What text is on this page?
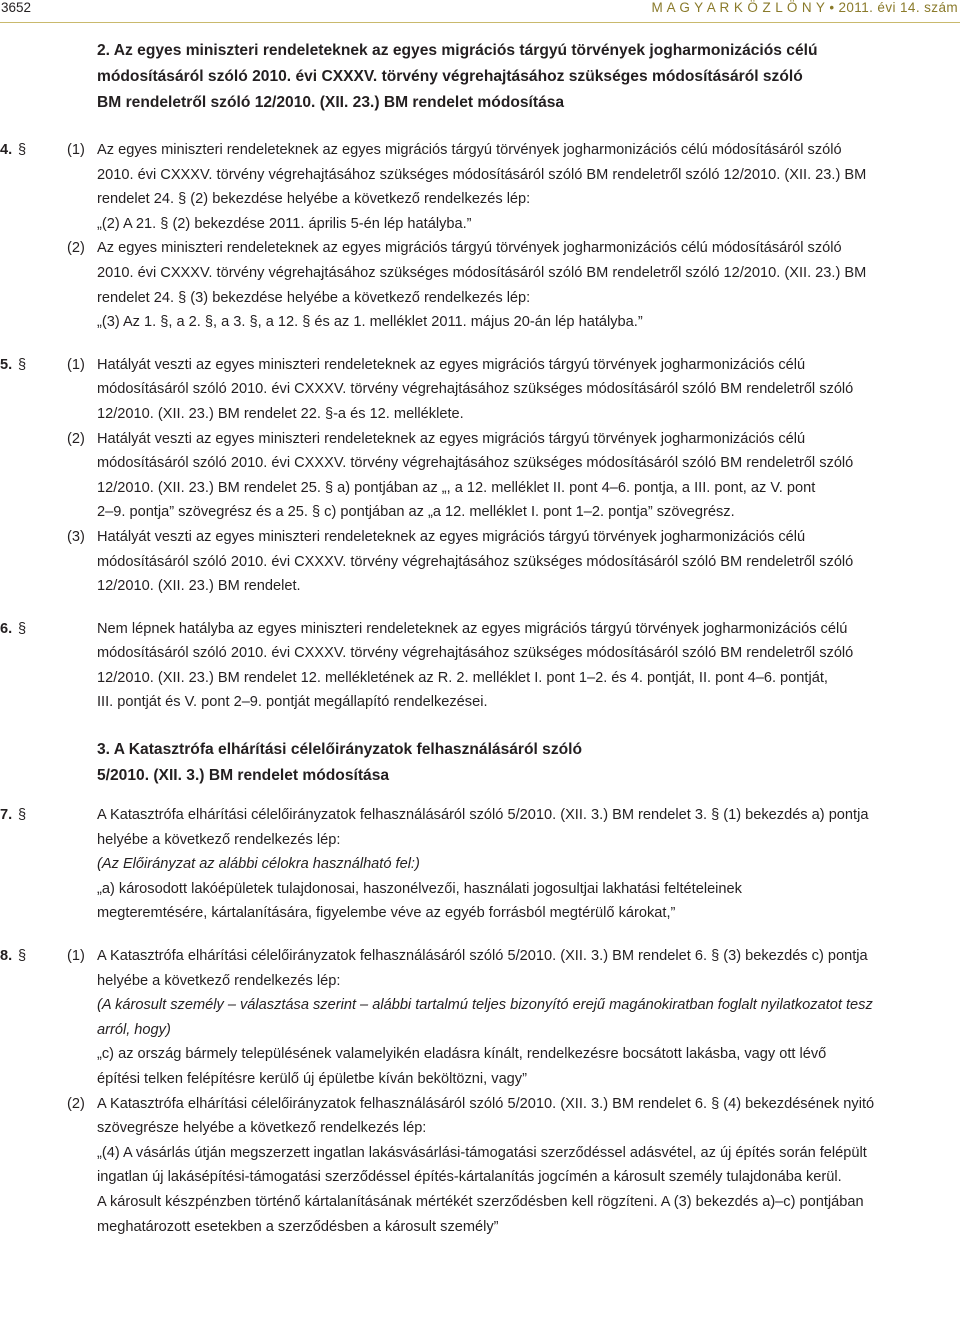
3652	M A G Y A R K Ö Z L Ö N Y • 2011. évi 14. szám
2. Az egyes miniszteri rendeleteknek az egyes migrációs tárgyú törvények jogharmonizációs célú
módosításáról szóló 2010. évi CXXXV. törvény végrehajtásához szükséges módosításáról szóló
BM rendeletről szóló 12/2010. (XII. 23.) BM rendelet módosítása
4. §	(1) Az egyes miniszteri rendeleteknek az egyes migrációs tárgyú törvények jogharmonizációs célú módosításáról szóló

2010. évi CXXXV. törvény végrehajtásához szükséges módosításáról szóló BM rendeletről szóló 12/2010. (XII. 23.) BM

rendelet 24. § (2) bekezdése helyébe a következő rendelkezés lép:

„(2) A 21. § (2) bekezdése 2011. április 5-én lép hatályba.”

(2) Az egyes miniszteri rendeleteknek az egyes migrációs tárgyú törvények jogharmonizációs célú módosításáról szóló

2010. évi CXXXV. törvény végrehajtásához szükséges módosításáról szóló BM rendeletről szóló 12/2010. (XII. 23.) BM

rendelet 24. § (3) bekezdése helyébe a következő rendelkezés lép:

„(3) Az 1. §, a 2. §, a 3. §, a 12. § és az 1. melléklet 2011. május 20-án lép hatályba.”

5. §	(1) Hatályát veszti az egyes miniszteri rendeleteknek az egyes migrációs tárgyú törvények jogharmonizációs célú

módosításáról szóló 2010. évi CXXXV. törvény végrehajtásához szükséges módosításáról szóló BM rendeletről szóló

12/2010. (XII. 23.) BM rendelet 22. §-a és 12. melléklete.

(2) Hatályát veszti az egyes miniszteri rendeleteknek az egyes migrációs tárgyú törvények jogharmonizációs célú

módosításáról szóló 2010. évi CXXXV. törvény végrehajtásához szükséges módosításáról szóló BM rendeletről szóló

12/2010. (XII. 23.) BM rendelet 25. § a) pontjában az „, a 12. melléklet II. pont 4–6. pontja, a III. pont, az V. pont

2–9. pontja” szövegrész és a 25. § c) pontjában az „a 12. melléklet I. pont 1–2. pontja” szövegrész.

(3) Hatályát veszti az egyes miniszteri rendeleteknek az egyes migrációs tárgyú törvények jogharmonizációs célú

módosításáról szóló 2010. évi CXXXV. törvény végrehajtásához szükséges módosításáról szóló BM rendeletről szóló

12/2010. (XII. 23.) BM rendelet.

6. §	Nem lépnek hatályba az egyes miniszteri rendeleteknek az egyes migrációs tárgyú törvények jogharmonizációs célú

módosításáról szóló 2010. évi CXXXV. törvény végrehajtásához szükséges módosításáról szóló BM rendeletről szóló

12/2010. (XII. 23.) BM rendelet 12. mellékletének az R. 2. melléklet I. pont 1–2. és 4. pontját, II. pont 4–6. pontját,

III. pontját és V. pont 2–9. pontját megállapító rendelkezései.

3. A Katasztrófa elhárítási célelőirányzatok felhasználásáról szóló
5/2010. (XII. 3.) BM rendelet módosítása
7. §	A Katasztrófa elhárítási célelőirányzatok felhasználásáról szóló 5/2010. (XII. 3.) BM rendelet 3. § (1) bekezdés a) pontja

helyébe a következő rendelkezés lép:

(Az Előirányzat az alábbi célokra használható fel:)

„a) károsodott lakóépületek tulajdonosai, haszonélvezői, használati jogosultjai lakhatási feltételeinek

megteremtésére, kártalanítására, figyelembe véve az egyéb forrásból megtérülő károkat,”

8. §	(1) A Katasztrófa elhárítási célelőirányzatok felhasználásáról szóló 5/2010. (XII. 3.) BM rendelet 6. § (3) bekezdés c) pontja

helyébe a következő rendelkezés lép:

(A károsult személy – választása szerint – alábbi tartalmú teljes bizonyító erejű magánokiratban foglalt nyilatkozatot tesz

arról, hogy)

„c) az ország bármely településének valamelyikén eladásra kínált, rendelkezésre bocsátott lakásba, vagy ott lévő

építési telken felépítésre kerülő új épületbe kíván beköltözni, vagy”

(2) A Katasztrófa elhárítási célelőirányzatok felhasználásáról szóló 5/2010. (XII. 3.) BM rendelet 6. § (4) bekezdésének nyitó

szövegrésze helyébe a következő rendelkezés lép:

„(4) A vásárlás útján megszerzett ingatlan lakásvásárlási-támogatási szerződéssel adásvétel, az új építés során felépült

ingatlan új lakásépítési-támogatási szerződéssel építés-kártalanítás jogcímén a károsult személy tulajdonába kerül.

A károsult készpénzben történő kártalanításának mértékét szerződésben kell rögzíteni. A (3) bekezdés a)–c) pontjában

meghatározott esetekben a szerződésben a károsult személy”
